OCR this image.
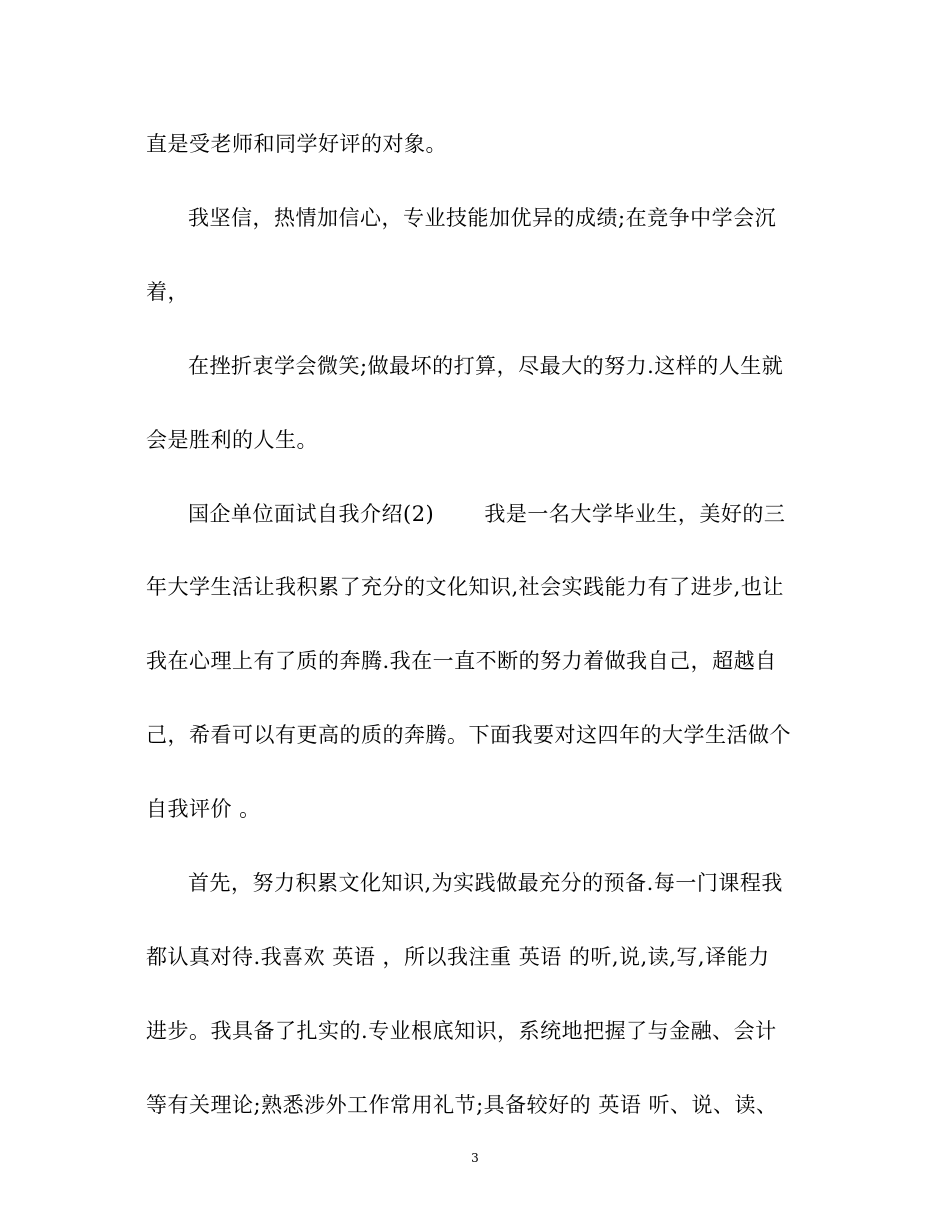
直是受老师和同学好评的对象。
我坚信，热情加信心，专业技能加优异的成绩;在竞争中学会沉
着，
在挫折衷学会微笑;做最坏的打算，尽最大的努力.这样的人生就
会是胜利的人生。
国企单位面试自我介绍(2)　　 我是一名大学毕业生，美好的三
年大学生活让我积累了充分的文化知识,社会实践能力有了进步,也让
我在心理上有了质的奔腾.我在一直不断的努力着做我自己，超越自
己，希看可以有更高的质的奔腾。下面我要对这四年的大学生活做个
自我评价 。
首先，努力积累文化知识,为实践做最充分的预备.每一门课程我
都认真对待.我喜欢 英语 ，所以我注重 英语 的听,说,读,写,译能力
进步。我具备了扎实的.专业根底知识，系统地把握了与金融、会计
等有关理论;熟悉涉外工作常用礼节;具备较好的 英语 听、说、读、
3
